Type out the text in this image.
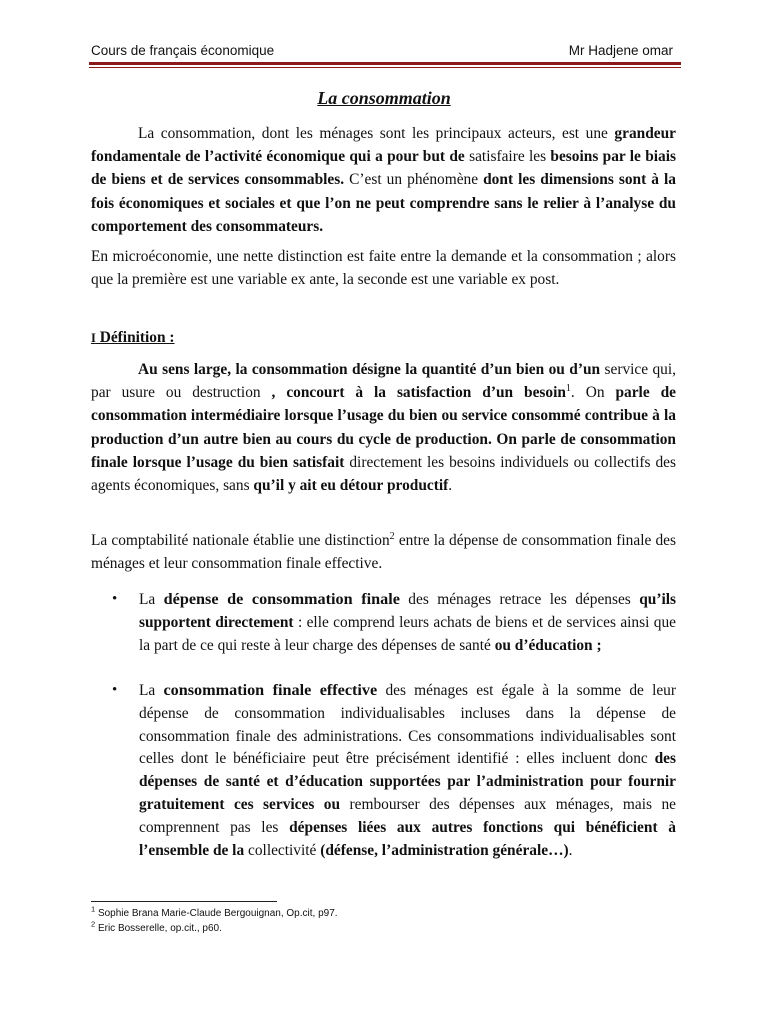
Cours de français économique	Mr Hadjene omar
La consommation

La consommation, dont les ménages sont les principaux acteurs, est une grandeur fondamentale de l’activité économique qui a pour but de satisfaire les besoins par le biais de biens et de services consommables. C’est un phénomène dont les dimensions sont à la fois économiques et sociales et que l’on ne peut comprendre sans le relier à l’analyse du comportement des consommateurs.

En microéconomie, une nette distinction est faite entre la demande et la consommation ; alors que la première est une variable ex ante, la seconde est une variable ex post.

I Définition :

Au sens large, la consommation désigne la quantité d’un bien ou d’un service qui, par usure ou destruction , concourt à la satisfaction d’un besoin$^1$. On parle de consommation intermédiaire lorsque l’usage du bien ou service consommé contribue à la production d’un autre bien au cours du cycle de production. On parle de consommation finale lorsque l’usage du bien satisfait directement les besoins individuels ou collectifs des agents économiques, sans qu’il y ait eu détour productif.

La comptabilité nationale établie une distinction$^2$ entre la dépense de consommation finale des ménages et leur consommation finale effective.

• La dépense de consommation finale des ménages retrace les dépenses qu’ils supportent directement : elle comprend leurs achats de biens et de services ainsi que la part de ce qui reste à leur charge des dépenses de santé ou d’éducation ;

• La consommation finale effective des ménages est égale à la somme de leur dépense de consommation individualisables incluses dans la dépense de consommation finale des administrations. Ces consommations individualisables sont celles dont le bénéficiaire peut être précisément identifié : elles incluent donc des dépenses de santé et d’éducation supportées par l’administration pour fournir gratuitement ces services ou rembourser des dépenses aux ménages, mais ne comprennent pas les dépenses liées aux autres fonctions qui bénéficient à l’ensemble de la collectivité (défense, l’administration générale…).

$^1$ Sophie Brana Marie-Claude Bergouignan, Op.cit, p97.
$^2$ Eric Bosserelle, op.cit., p60.
